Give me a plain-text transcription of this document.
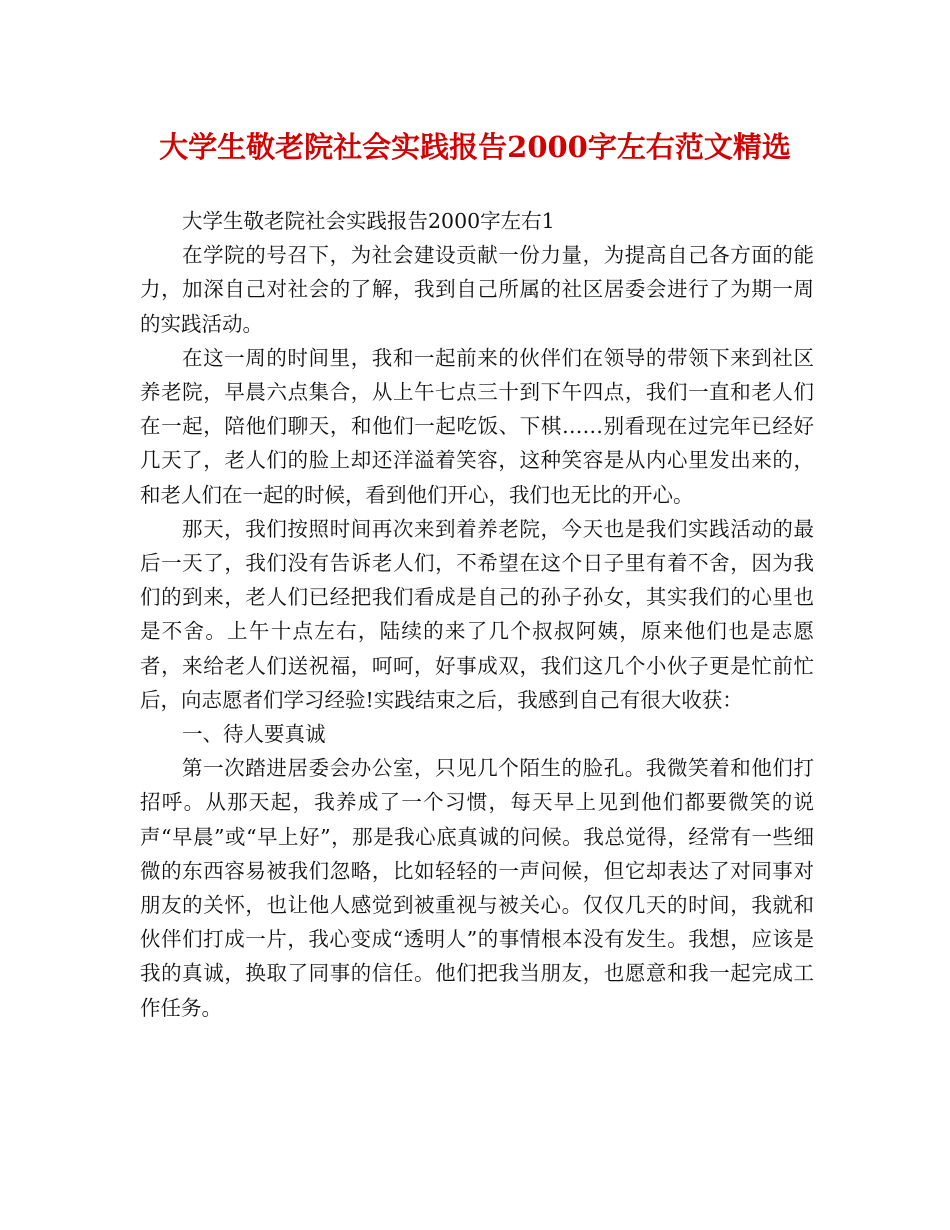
大学生敬老院社会实践报告2000字左右范文精选

大学生敬老院社会实践报告2000字左右1

在学院的号召下，为社会建设贡献一份力量，为提高自己各方面的能力，加深自己对社会的了解，我到自己所属的社区居委会进行了为期一周的实践活动。

在这一周的时间里，我和一起前来的伙伴们在领导的带领下来到社区养老院，早晨六点集合，从上午七点三十到下午四点，我们一直和老人们在一起，陪他们聊天，和他们一起吃饭、下棋……别看现在过完年已经好几天了，老人们的脸上却还洋溢着笑容，这种笑容是从内心里发出来的，和老人们在一起的时候，看到他们开心，我们也无比的开心。

那天，我们按照时间再次来到着养老院，今天也是我们实践活动的最后一天了，我们没有告诉老人们，不希望在这个日子里有着不舍，因为我们的到来，老人们已经把我们看成是自己的孙子孙女，其实我们的心里也是不舍。上午十点左右，陆续的来了几个叔叔阿姨，原来他们也是志愿者，来给老人们送祝福，呵呵，好事成双，我们这几个小伙子更是忙前忙后，向志愿者们学习经验!实践结束之后，我感到自己有很大收获：

一、待人要真诚

第一次踏进居委会办公室，只见几个陌生的脸孔。我微笑着和他们打招呼。从那天起，我养成了一个习惯，每天早上见到他们都要微笑的说声“早晨”或“早上好”，那是我心底真诚的问候。我总觉得，经常有一些细微的东西容易被我们忽略，比如轻轻的一声问候，但它却表达了对同事对朋友的关怀，也让他人感觉到被重视与被关心。仅仅几天的时间，我就和伙伴们打成一片，我心变成“透明人”的事情根本没有发生。我想，应该是我的真诚，换取了同事的信任。他们把我当朋友，也愿意和我一起完成工作任务。
